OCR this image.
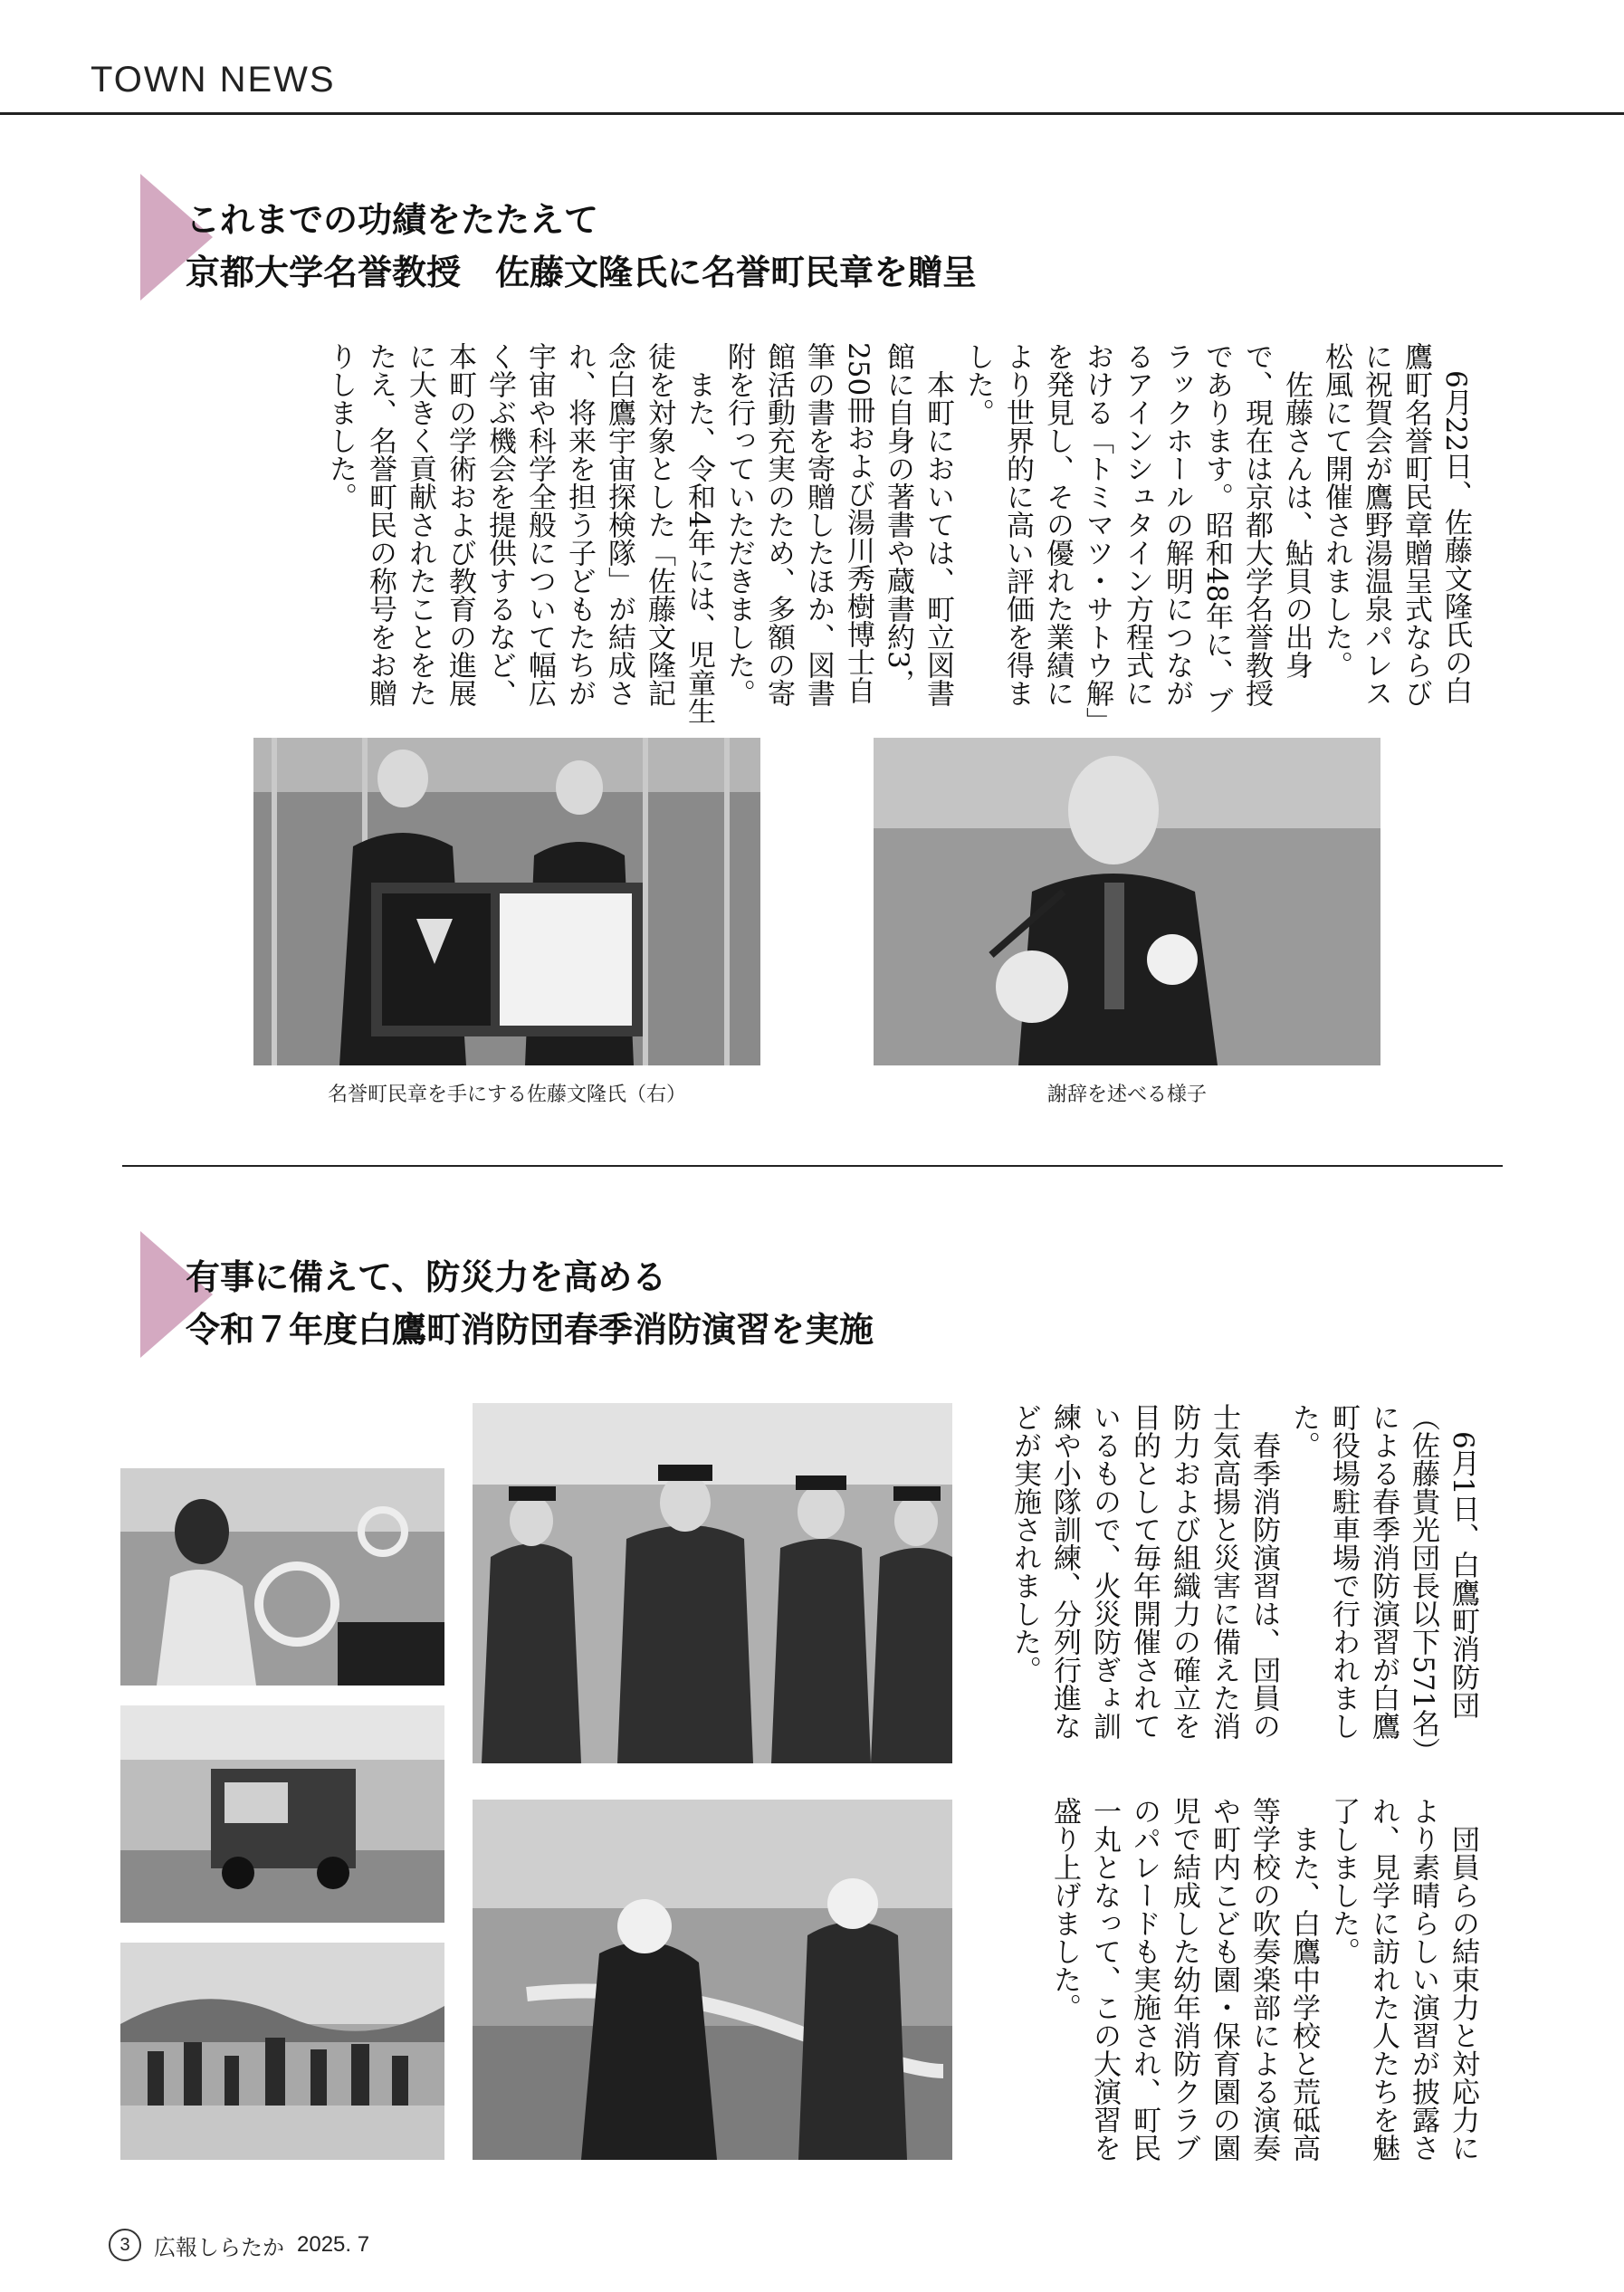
TOWN NEWS
これまでの功績をたたえて
京都大学名誉教授　佐藤文隆氏に名誉町民章を贈呈

6月22日、佐藤文隆氏の白鷹町名誉町民章贈呈式ならびに祝賀会が鷹野湯温泉パレス松風にて開催されました。

佐藤さんは、鮎貝の出身で、現在は京都大学名誉教授であります。昭和48年に、ブラックホールの解明につながるアインシュタイン方程式における「トミマツ・サトウ解」を発見し、その優れた業績により世界的に高い評価を得ました。

本町においては、町立図書館に自身の著書や蔵書約3，250冊および湯川秀樹博士自筆の書を寄贈したほか、図書館活動充実のため、多額の寄附を行っていただきました。

また、令和4年には、児童生徒を対象とした「佐藤文隆記念白鷹宇宙探検隊」が結成され、将来を担う子どもたちが宇宙や科学全般について幅広く学ぶ機会を提供するなど、本町の学術および教育の進展に大きく貢献されたことをたたえ、名誉町民の称号をお贈りしました。

名誉町民章を手にする佐藤文隆氏（右）	謝辞を述べる様子
有事に備えて、防災力を高める
令和７年度白鷹町消防団春季消防演習を実施

6月1日、白鷹町消防団（佐藤貴光団長以下571名）による春季消防演習が白鷹町役場駐車場で行われました。

春季消防演習は、団員の士気高揚と災害に備えた消防力および組織力の確立を目的として毎年開催されているもので、火災防ぎょ訓練や小隊訓練、分列行進などが実施されました。

団員らの結束力と対応力により素晴らしい演習が披露され、見学に訪れた人たちを魅了しました。

また、白鷹中学校と荒砥高等学校の吹奏楽部による演奏や町内こども園・保育園の園児で結成した幼年消防クラブのパレードも実施され、町民一丸となって、この大演習を盛り上げました。

3	広報しらたか 2025. 7
